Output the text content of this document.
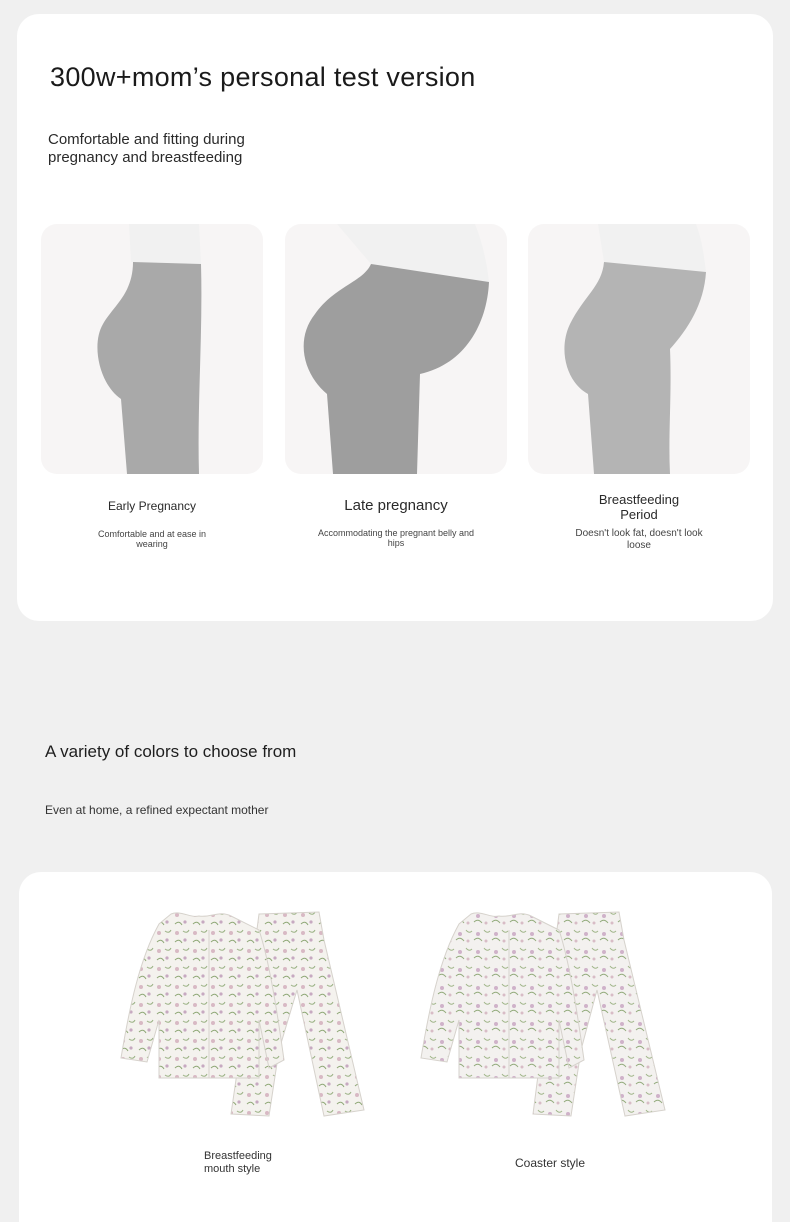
300w+mom’s personal test version

Comfortable and fitting during pregnancy and breastfeeding

Early Pregnancy
Comfortable and at ease in wearing
Late pregnancy
Accommodating the pregnant belly and hips
Breastfeeding Period
Doesn't look fat, doesn't look loose
A variety of colors to choose from

Even at home, a refined expectant mother

Breastfeeding mouth style	Coaster style
